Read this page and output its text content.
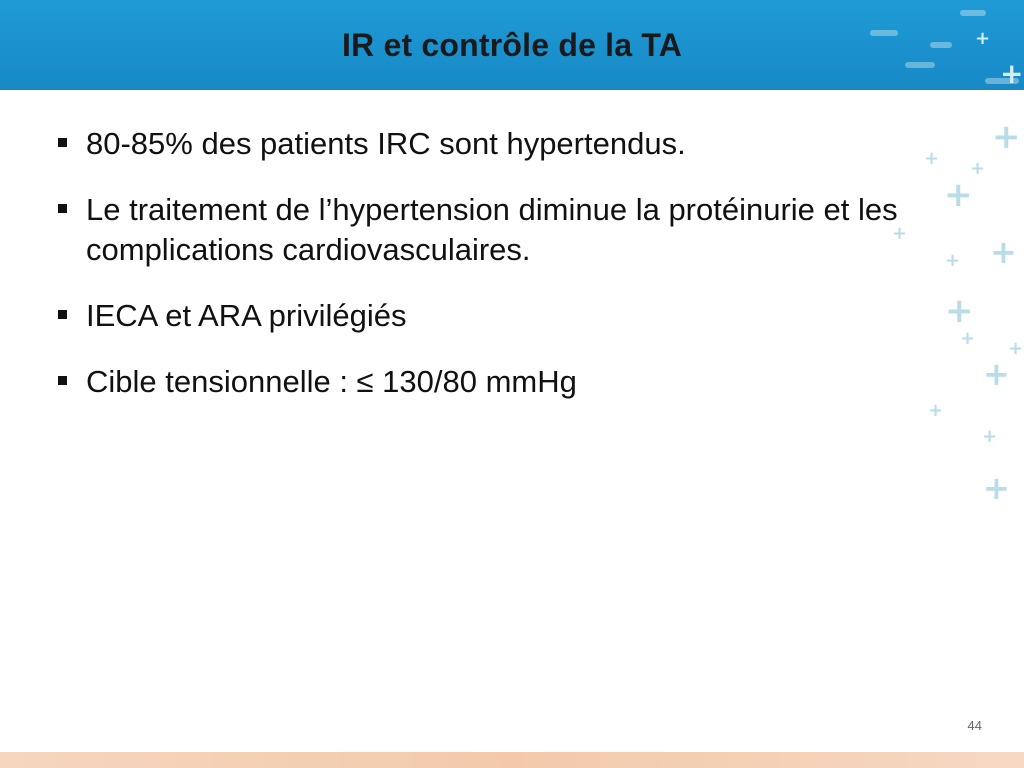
+
+
IR et contrôle de la TA
+
+ +
+
+	+
+
+
+ +
+
+
+
+
80-85% des patients IRC sont hypertendus.
Le traitement de l’hypertension diminue la protéinurie et les complications cardiovasculaires.
IECA et ARA privilégiés
Cible tensionnelle : ≤ 130/80 mmHg
44
